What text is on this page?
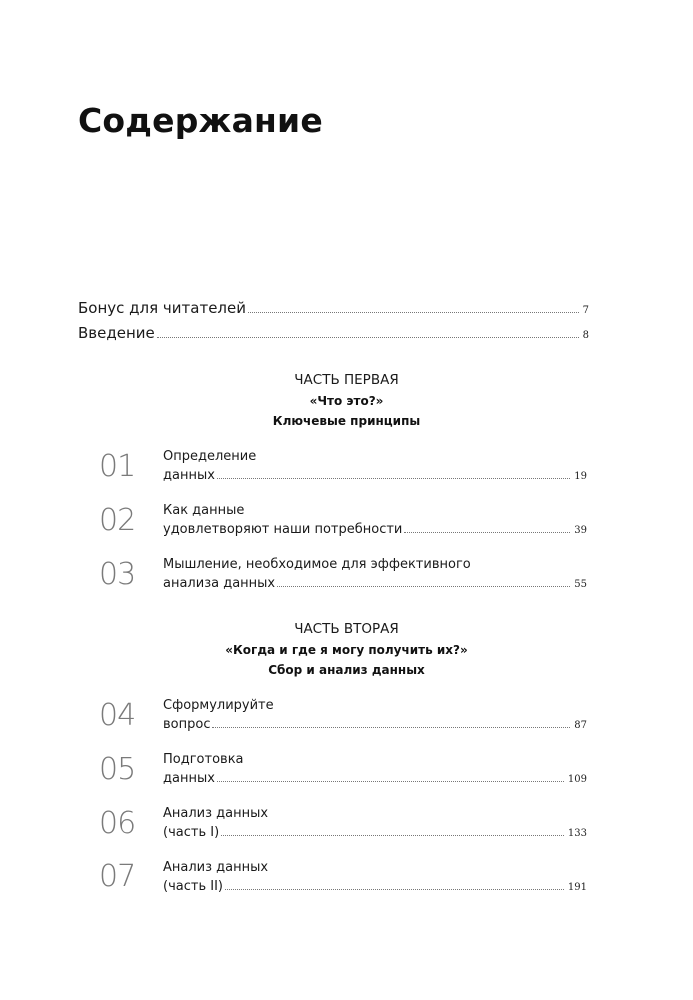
Содержание
Бонус для читателей	7
Введение	8
ЧАСТЬ ПЕРВАЯ
«Что это?»
Ключевые принципы
01 Определение
данных	19
02 Как данные
удовлетворяют наши потребности	39
03 Мышление, необходимое для эффективного
анализа данных	55
ЧАСТЬ ВТОРАЯ
«Когда и где я могу получить их?»
Сбор и анализ данных
04 Сформулируйте
вопрос	87
05 Подготовка
данных	109
06 Анализ данных
(часть I)	133
07 Анализ данных
(часть II)	191
